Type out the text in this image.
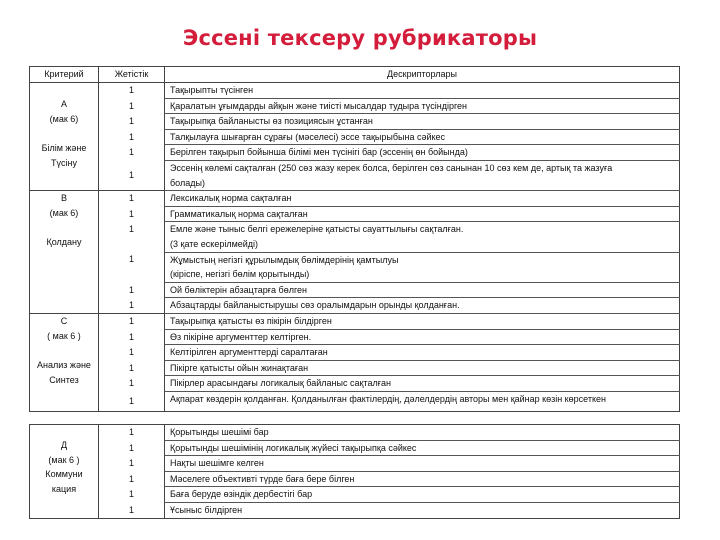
Эссені тексеру рубрикаторы
Критерий	Жетістік	Дескрипторлары

А
(мак 6)
Білім және
Түсіну	1	Тақырыпты түсінген
	1	Қаралатын ұғымдарды айқын және тиісті мысалдар тудыра түсіндірген
	1	Тақырыпқа байланысты өз позициясын ұстанған
	1	Талқылауға шығарған сұрағы (мәселесі) эссе тақырыбына сәйкес
	1	Берілген тақырып бойынша білімі мен түсінігі бар (эссенің өн бойында)
	1	Эссенің көлемі сақталған (250 сөз жазу керек болса, берілген сөз санынан 10 сөз кем де, артық та жазуға
болады)

В
(мак 6)
Қолдану	1	Лексикалық норма сақталған
	1	Грамматикалық норма сақталған
	1	Емле және тыныс белгі ережелеріне қатысты сауаттылығы сақталған.
(3 қате ескерілмейді)
	1	Жұмыстың негізгі құрылымдық бөлімдерінің қамтылуы
(кіріспе, негізгі бөлім қорытынды)
	1	Ой бөліктерін абзацтарға бөлген
	1	Абзацтарды байланыстырушы сөз оралымдарын орынды қолданған.

С
( мак 6 )
Анализ және
Синтез	1	Тақырыпқа қатысты өз пікірін білдірген
	1	Өз пікіріне аргументтер келтірген.
	1	Келтірілген аргументтерді саралтаған
	1	Пікірге қатысты ойын жинақтаған
	1	Пікірлер арасындағы логикалық байланыс сақталған
	1	Ақпарат көздерін қолданған. Қолданылған фактілердің, дәлелдердің авторы мен қайнар көзін көрсеткен
Д
(мак 6 )
Коммуни
кация	1	Қорытынды шешімі бар
	1	Қорытынды шешімінің логикалық жүйесі тақырыпқа сәйкес
	1	Нақты шешімге келген
	1	Мәселеге объективті түрде баға бере білген
	1	Баға беруде өзіндік дербестігі бар
	1	Ұсыныс білдірген
